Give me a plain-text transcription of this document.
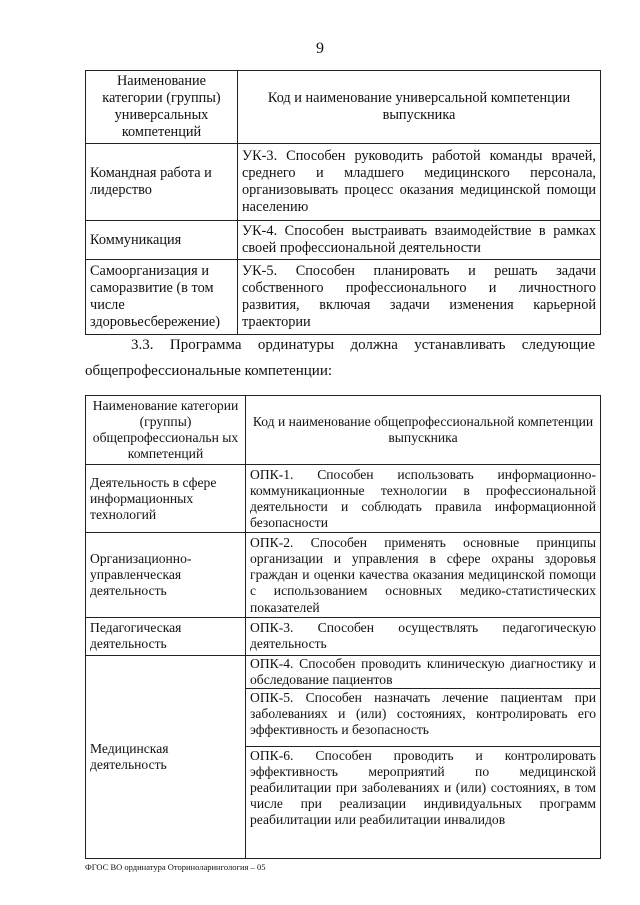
9
Наименование категории (группы) универсальных компетенций	Код и наименование универсальной компетенции выпускника
Командная работа и лидерство	УК-3. Способен руководить работой команды врачей, среднего и младшего медицинского персонала, организовывать процесс оказания медицинской помощи населению
Коммуникация	УК-4. Способен выстраивать взаимодействие в рамках своей профессиональной деятельности
Самоорганизация и саморазвитие (в том числе здоровьесбережение)	УК-5. Способен планировать и решать задачи собственного профессионального и личностного развития, включая задачи изменения карьерной траектории
3.3. Программа ординатуры должна устанавливать следующие
общепрофессиональные компетенции:
Наименование категории (группы) общепрофессиональн ых компетенций	Код и наименование общепрофессиональной компетенции выпускника
Деятельность в сфере информационных технологий	ОПК-1. Способен использовать информационно-коммуникационные технологии в профессиональной деятельности и соблюдать правила информационной безопасности
Организационно-управленческая деятельность	ОПК-2. Способен применять основные принципы организации и управления в сфере охраны здоровья граждан и оценки качества оказания медицинской помощи с использованием основных медико-статистических показателей
Педагогическая деятельность	ОПК-3. Способен осуществлять педагогическую деятельность
Медицинская деятельность	ОПК-4. Способен проводить клиническую диагностику и обследование пациентов
	ОПК-5. Способен назначать лечение пациентам при заболеваниях и (или) состояниях, контролировать его эффективность и безопасность
	ОПК-6. Способен проводить и контролировать эффективность мероприятий по медицинской реабилитации при заболеваниях и (или) состояниях, в том числе при реализации индивидуальных программ реабилитации или реабилитации инвалидов
ФГОС ВО ординатура Оториноларингология – 05
